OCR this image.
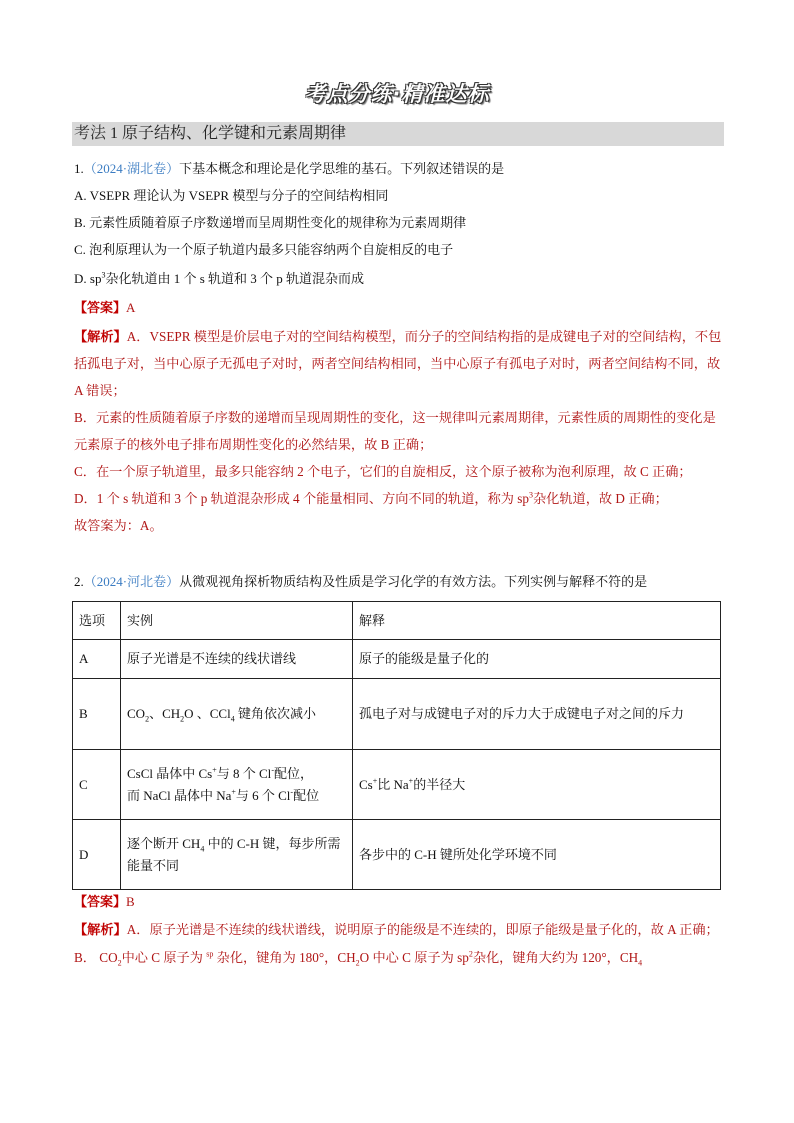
考点分练·精准达标
考法 1 原子结构、化学键和元素周期律
1.（2024·湖北卷）下基本概念和理论是化学思维的基石。下列叙述错误的是
A. VSEPR 理论认为 VSEPR 模型与分子的空间结构相同
B. 元素性质随着原子序数递增而呈周期性变化的规律称为元素周期律
C. 泡利原理认为一个原子轨道内最多只能容纳两个自旋相反的电子
D. $sp^3$杂化轨道由 1 个 s 轨道和 3 个 p 轨道混杂而成
【答案】A
【解析】A．VSEPR 模型是价层电子对的空间结构模型，而分子的空间结构指的是成键电子对的空间结构，不包括孤电子对，当中心原子无孤电子对时，两者空间结构相同，当中心原子有孤电子对时，两者空间结构不同，故 A 错误；
B．元素的性质随着原子序数的递增而呈现周期性的变化，这一规律叫元素周期律，元素性质的周期性的变化是元素原子的核外电子排布周期性变化的必然结果，故 B 正确；
C．在一个原子轨道里，最多只能容纳 2 个电子，它们的自旋相反，这个原子被称为泡利原理，故 C 正确；
D．1 个 s 轨道和 3 个 p 轨道混杂形成 4 个能量相同、方向不同的轨道，称为 $sp^3$杂化轨道，故 D 正确；
故答案为：A。
2.（2024·河北卷）从微观视角探析物质结构及性质是学习化学的有效方法。下列实例与解释不符的是
选项	实例	解释
A	原子光谱是不连续的线状谱线	原子的能级是量子化的
B	$CO_2$、$CH_2O$ 、CCl$_4$ 键角依次减小	孤电子对与成键电子对的斥力大于成键电子对之间的斥力
C	CsCl 晶体中 Cs+与 8 个 Cl-配位，
而 NaCl 晶体中 Na+与 6 个 Cl-配位	Cs+比 Na+的半径大
D	逐个断开 $CH_4$ 中的 C-H 键，每步所需能量不同	各步中的 C-H 键所处化学环境不同
【答案】B
【解析】A．原子光谱是不连续的线状谱线，说明原子的能级是不连续的，即原子能级是量子化的，故 A 正确；
B． $CO_2$中心 C 原子为 $^{sp}$ 杂化，键角为 180°，$CH_2O$ 中心 C 原子为 $sp^2$杂化，键角大约为 120°，$CH_4$
